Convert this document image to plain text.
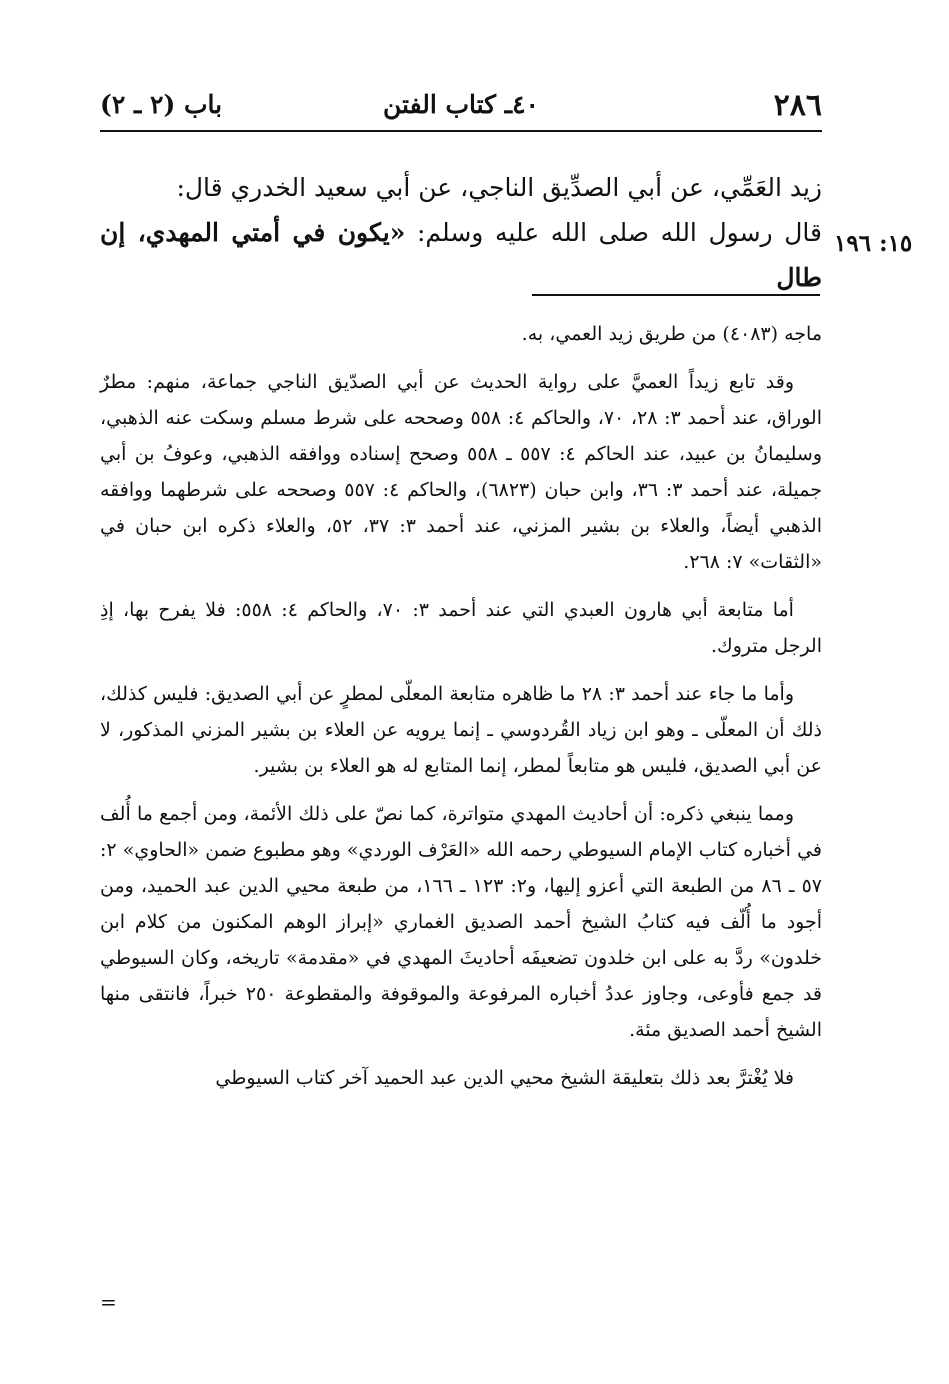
٢٨٦
٤٠ـ كتاب الفتن
باب (٢ ـ ٢)

زيد العَمِّي، عن أبي الصدِّيق الناجي، عن أبي سعيد الخدري قال:

قال رسول الله صلى الله عليه وسلم: «يكون في أمتي المهدي، إن طال

١٥: ١٩٦

ماجه (٤٠٨٣) من طريق زيد العمي، به.

وقد تابع زيداً العميَّ على رواية الحديث عن أبي الصدّيق الناجي جماعة، منهم: مطرٌ الوراق، عند أحمد ٣: ٢٨، ٧٠، والحاكم ٤: ٥٥٨ وصححه على شرط مسلم وسكت عنه الذهبي، وسليمانُ بن عبيد، عند الحاكم ٤: ٥٥٧ ـ ٥٥٨ وصحح إسناده ووافقه الذهبي، وعوفُ بن أبي جميلة، عند أحمد ٣: ٣٦، وابن حبان (٦٨٢٣)، والحاكم ٤: ٥٥٧ وصححه على شرطهما ووافقه الذهبي أيضاً، والعلاء بن بشير المزني، عند أحمد ٣: ٣٧، ٥٢، والعلاء ذكره ابن حبان في «الثقات» ٧: ٢٦٨.

أما متابعة أبي هارون العبدي التي عند أحمد ٣: ٧٠، والحاكم ٤: ٥٥٨: فلا يفرح بها، إذِ الرجل متروك.

وأما ما جاء عند أحمد ٣: ٢٨ ما ظاهره متابعة المعلّى لمطرٍ عن أبي الصديق: فليس كذلك، ذلك أن المعلّى ـ وهو ابن زياد القُردوسي ـ إنما يرويه عن العلاء بن بشير المزني المذكور، لا عن أبي الصديق، فليس هو متابعاً لمطر، إنما المتابع له هو العلاء بن بشير.

ومما ينبغي ذكره: أن أحاديث المهدي متواترة، كما نصّ على ذلك الأئمة، ومن أجمع ما أُلف في أخباره كتاب الإمام السيوطي رحمه الله «العَرْف الوردي» وهو مطبوع ضمن «الحاوي» ٢: ٥٧ ـ ٨٦ من الطبعة التي أعزو إليها، و٢: ١٢٣ ـ ١٦٦، من طبعة محيي الدين عبد الحميد، ومن أجود ما أُلّف فيه كتابُ الشيخ أحمد الصديق الغماري «إبراز الوهم المكنون من كلام ابن خلدون» ردَّ به على ابن خلدون تضعيفَه أحاديثَ المهدي في «مقدمة» تاريخه، وكان السيوطي قد جمع فأوعى، وجاوز عددُ أخباره المرفوعة والموقوفة والمقطوعة ٢٥٠ خبراً، فانتقى منها الشيخ أحمد الصديق مئة.

فلا يُغْترَّ بعد ذلك بتعليقة الشيخ محيي الدين عبد الحميد آخر كتاب السيوطي

=
